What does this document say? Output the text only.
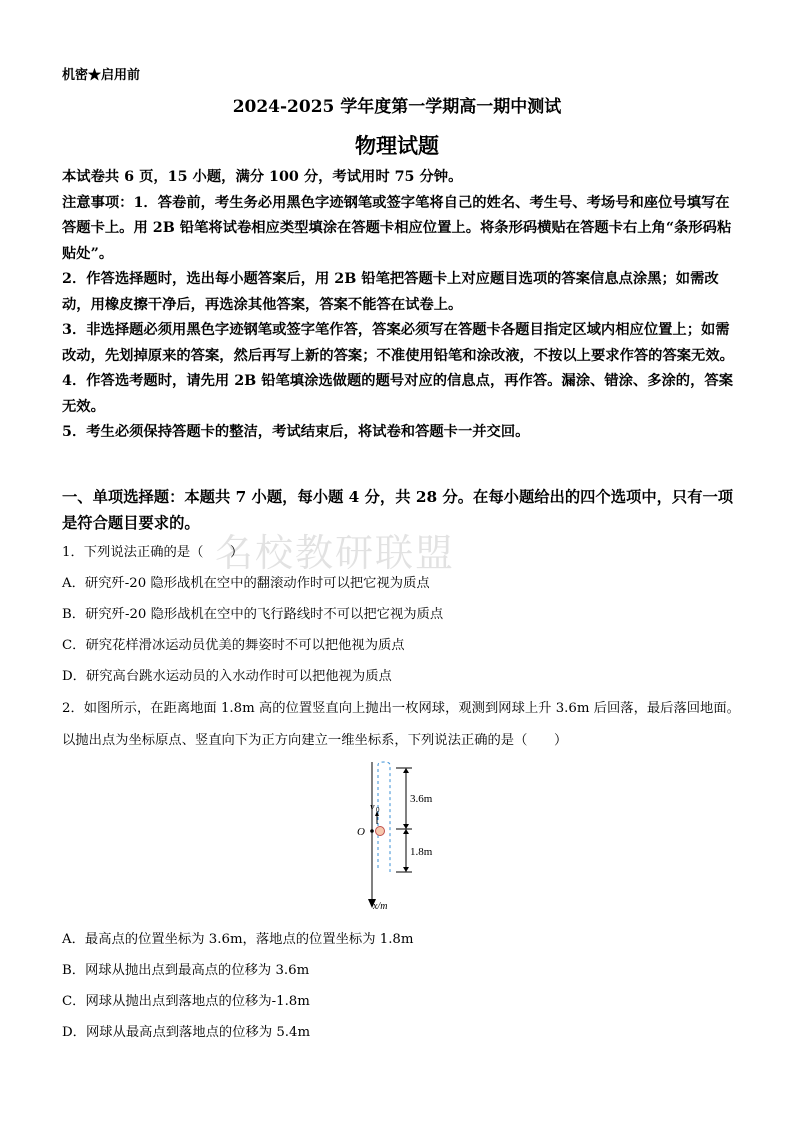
机密★启用前
2024-2025 学年度第一学期高一期中测试
物理试题

本试卷共 6 页，15 小题，满分 100 分，考试用时 75 分钟。

注意事项：1．答卷前，考生务必用黑色字迹钢笔或签字笔将自己的姓名、考生号、考场号和座位号填写在答题卡上。用 2B 铅笔将试卷相应类型填涂在答题卡相应位置上。将条形码横贴在答题卡右上角“条形码粘贴处”。

2．作答选择题时，选出每小题答案后，用 2B 铅笔把答题卡上对应题目选项的答案信息点涂黑；如需改动，用橡皮擦干净后，再选涂其他答案，答案不能答在试卷上。

3．非选择题必须用黑色字迹钢笔或签字笔作答，答案必须写在答题卡各题目指定区域内相应位置上；如需改动，先划掉原来的答案，然后再写上新的答案；不准使用铅笔和涂改液，不按以上要求作答的答案无效。

4．作答选考题时，请先用 2B 铅笔填涂选做题的题号对应的信息点，再作答。漏涂、错涂、多涂的，答案无效。

5．考生必须保持答题卡的整洁，考试结束后，将试卷和答题卡一并交回。

一、单项选择题：本题共 7 小题，每小题 4 分，共 28 分。在每小题给出的四个选项中，只有一项是符合题目要求的。
名校教研联盟
1．下列说法正确的是（　　）
A．研究歼-20 隐形战机在空中的翻滚动作时可以把它视为质点
B．研究歼-20 隐形战机在空中的飞行路线时不可以把它视为质点
C．研究花样滑冰运动员优美的舞姿时不可以把他视为质点
D．研究高台跳水运动员的入水动作时可以把他视为质点
2．如图所示，在距离地面 1.8m 高的位置竖直向上抛出一枚网球，观测到网球上升 3.6m 后回落，最后落回地面。
以抛出点为坐标原点、竖直向下为正方向建立一维坐标系，下列说法正确的是（　　）
3.6m
1.8m
O
v 0
x/m
A．最高点的位置坐标为 3.6m，落地点的位置坐标为 1.8m
B．网球从抛出点到最高点的位移为 3.6m
C．网球从抛出点到落地点的位移为-1.8m
D．网球从最高点到落地点的位移为 5.4m
